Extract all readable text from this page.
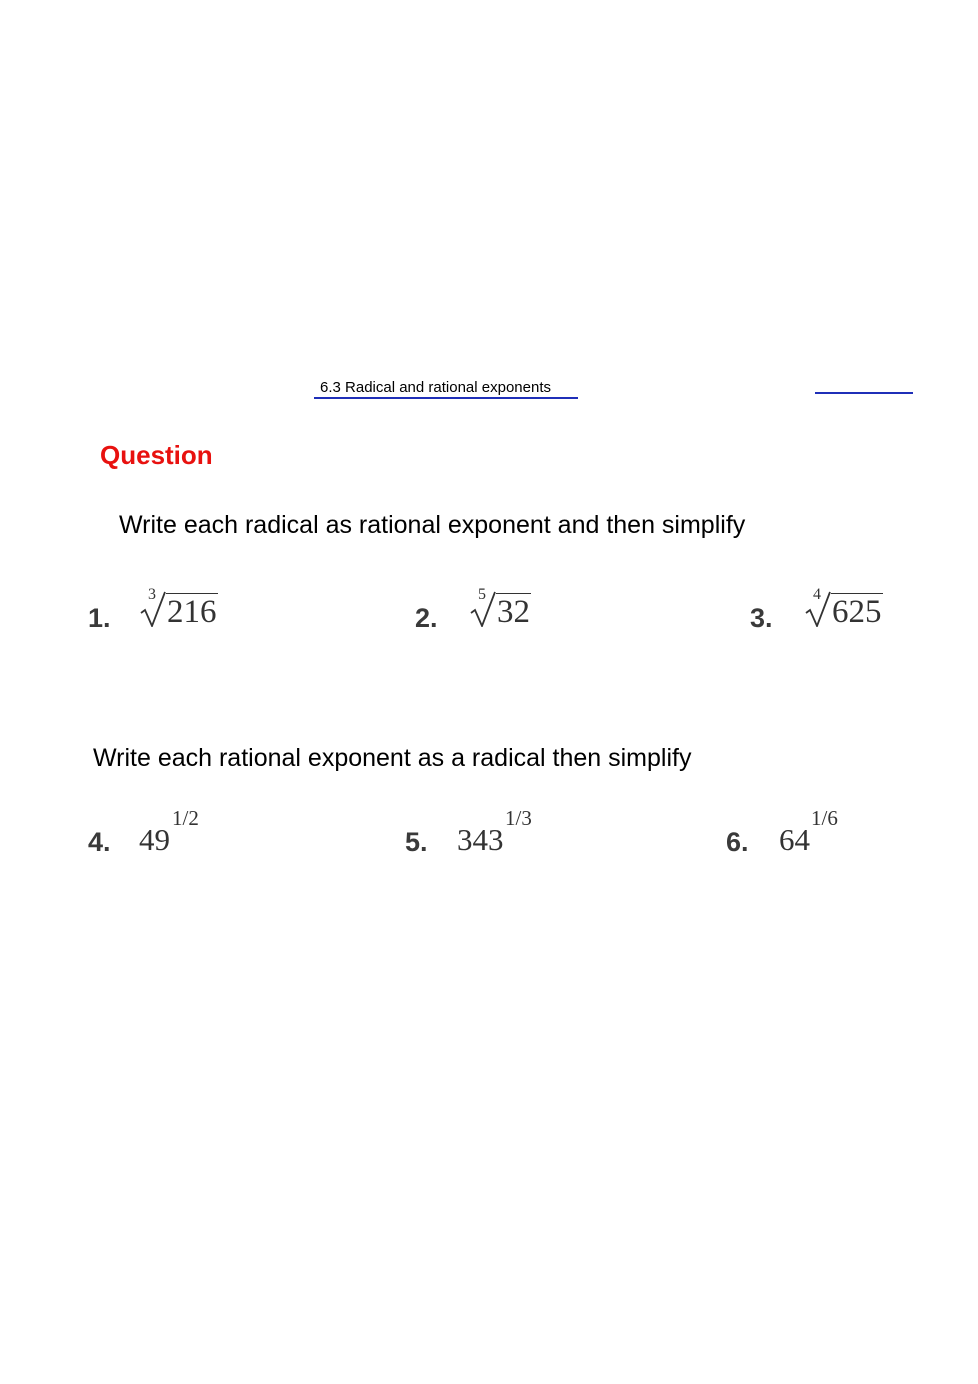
6.3 Radical and rational exponents
Question
Write each radical as rational exponent and then simplify
1.
3 216	2.
5 32	3.
4 625
Write each rational exponent as a radical then simplify
4. 49
1/2
5. 343
1/3
6. 64
1/6
